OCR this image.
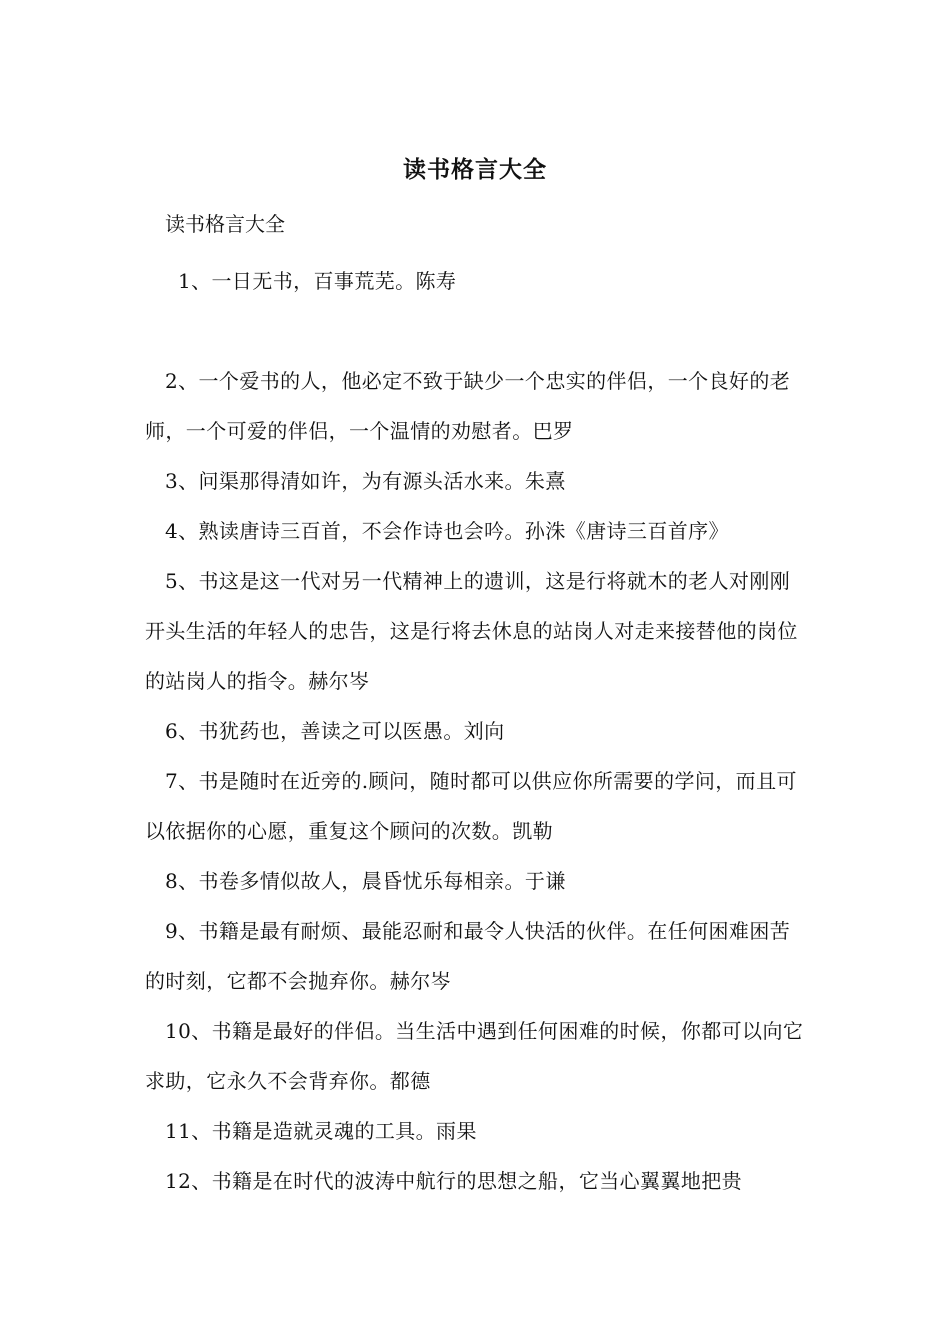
读书格言大全
读书格言大全

1、一日无书，百事荒芜。陈寿

2、一个爱书的人，他必定不致于缺少一个忠实的伴侣，一个良好的老师，一个可爱的伴侣，一个温情的劝慰者。巴罗

3、问渠那得清如许，为有源头活水来。朱熹

4、熟读唐诗三百首，不会作诗也会吟。孙洙《唐诗三百首序》

5、书这是这一代对另一代精神上的遗训，这是行将就木的老人对刚刚开头生活的年轻人的忠告，这是行将去休息的站岗人对走来接替他的岗位的站岗人的指令。赫尔岑

6、书犹药也，善读之可以医愚。刘向

7、书是随时在近旁的.顾问，随时都可以供应你所需要的学问，而且可以依据你的心愿，重复这个顾问的次数。凯勒

8、书卷多情似故人，晨昏忧乐每相亲。于谦

9、书籍是最有耐烦、最能忍耐和最令人快活的伙伴。在任何困难困苦的时刻，它都不会抛弃你。赫尔岑

10、书籍是最好的伴侣。当生活中遇到任何困难的时候，你都可以向它求助，它永久不会背弃你。都德

11、书籍是造就灵魂的工具。雨果

12、书籍是在时代的波涛中航行的思想之船，它当心翼翼地把贵
